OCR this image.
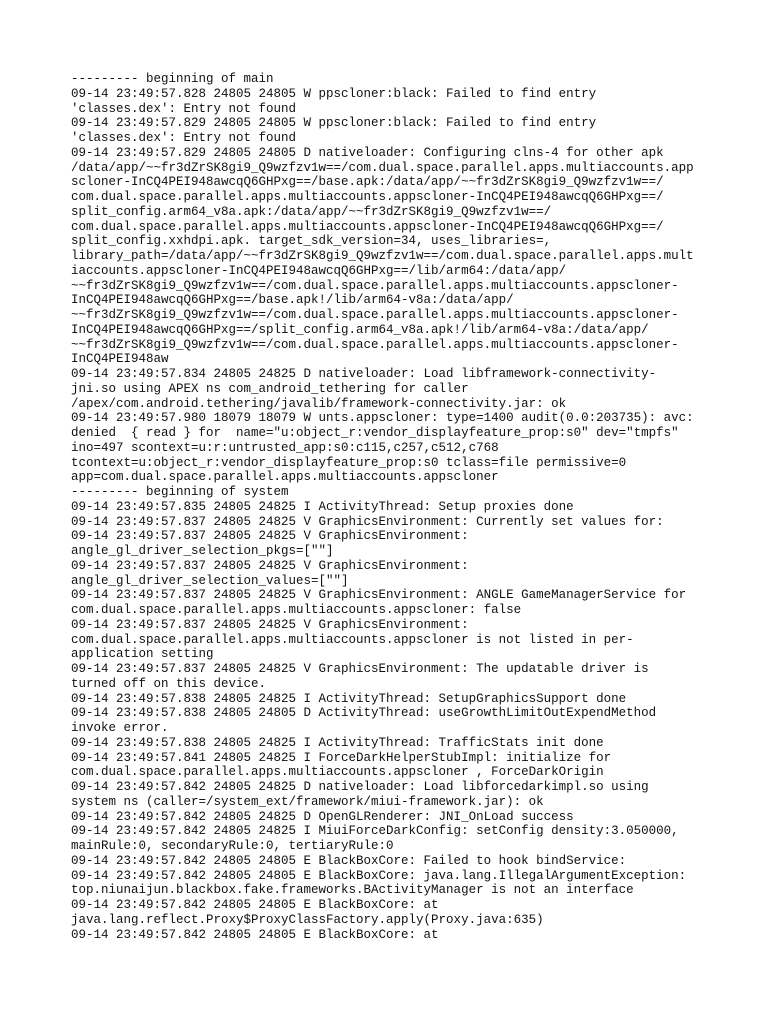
--------- beginning of main
09-14 23:49:57.828 24805 24805 W ppscloner:black: Failed to find entry
'classes.dex': Entry not found
09-14 23:49:57.829 24805 24805 W ppscloner:black: Failed to find entry
'classes.dex': Entry not found
09-14 23:49:57.829 24805 24805 D nativeloader: Configuring clns-4 for other apk
/data/app/~~fr3dZrSK8gi9_Q9wzfzv1w==/com.dual.space.parallel.apps.multiaccounts.app
scloner-InCQ4PEI948awcqQ6GHPxg==/base.apk:/data/app/~~fr3dZrSK8gi9_Q9wzfzv1w==/
com.dual.space.parallel.apps.multiaccounts.appscloner-InCQ4PEI948awcqQ6GHPxg==/
split_config.arm64_v8a.apk:/data/app/~~fr3dZrSK8gi9_Q9wzfzv1w==/
com.dual.space.parallel.apps.multiaccounts.appscloner-InCQ4PEI948awcqQ6GHPxg==/
split_config.xxhdpi.apk. target_sdk_version=34, uses_libraries=,
library_path=/data/app/~~fr3dZrSK8gi9_Q9wzfzv1w==/com.dual.space.parallel.apps.mult
iaccounts.appscloner-InCQ4PEI948awcqQ6GHPxg==/lib/arm64:/data/app/
~~fr3dZrSK8gi9_Q9wzfzv1w==/com.dual.space.parallel.apps.multiaccounts.appscloner-
InCQ4PEI948awcqQ6GHPxg==/base.apk!/lib/arm64-v8a:/data/app/
~~fr3dZrSK8gi9_Q9wzfzv1w==/com.dual.space.parallel.apps.multiaccounts.appscloner-
InCQ4PEI948awcqQ6GHPxg==/split_config.arm64_v8a.apk!/lib/arm64-v8a:/data/app/
~~fr3dZrSK8gi9_Q9wzfzv1w==/com.dual.space.parallel.apps.multiaccounts.appscloner-
InCQ4PEI948aw
09-14 23:49:57.834 24805 24825 D nativeloader: Load libframework-connectivity-
jni.so using APEX ns com_android_tethering for caller
/apex/com.android.tethering/javalib/framework-connectivity.jar: ok
09-14 23:49:57.980 18079 18079 W unts.appscloner: type=1400 audit(0.0:203735): avc:
denied  { read } for  name="u:object_r:vendor_displayfeature_prop:s0" dev="tmpfs"
ino=497 scontext=u:r:untrusted_app:s0:c115,c257,c512,c768
tcontext=u:object_r:vendor_displayfeature_prop:s0 tclass=file permissive=0
app=com.dual.space.parallel.apps.multiaccounts.appscloner
--------- beginning of system
09-14 23:49:57.835 24805 24825 I ActivityThread: Setup proxies done
09-14 23:49:57.837 24805 24825 V GraphicsEnvironment: Currently set values for:
09-14 23:49:57.837 24805 24825 V GraphicsEnvironment:
angle_gl_driver_selection_pkgs=[""]
09-14 23:49:57.837 24805 24825 V GraphicsEnvironment:
angle_gl_driver_selection_values=[""]
09-14 23:49:57.837 24805 24825 V GraphicsEnvironment: ANGLE GameManagerService for
com.dual.space.parallel.apps.multiaccounts.appscloner: false
09-14 23:49:57.837 24805 24825 V GraphicsEnvironment:
com.dual.space.parallel.apps.multiaccounts.appscloner is not listed in per-
application setting
09-14 23:49:57.837 24805 24825 V GraphicsEnvironment: The updatable driver is
turned off on this device.
09-14 23:49:57.838 24805 24825 I ActivityThread: SetupGraphicsSupport done
09-14 23:49:57.838 24805 24805 D ActivityThread: useGrowthLimitOutExpendMethod
invoke error.
09-14 23:49:57.838 24805 24825 I ActivityThread: TrafficStats init done
09-14 23:49:57.841 24805 24825 I ForceDarkHelperStubImpl: initialize for
com.dual.space.parallel.apps.multiaccounts.appscloner , ForceDarkOrigin
09-14 23:49:57.842 24805 24825 D nativeloader: Load libforcedarkimpl.so using
system ns (caller=/system_ext/framework/miui-framework.jar): ok
09-14 23:49:57.842 24805 24825 D OpenGLRenderer: JNI_OnLoad success
09-14 23:49:57.842 24805 24825 I MiuiForceDarkConfig: setConfig density:3.050000,
mainRule:0, secondaryRule:0, tertiaryRule:0
09-14 23:49:57.842 24805 24805 E BlackBoxCore: Failed to hook bindService:
09-14 23:49:57.842 24805 24805 E BlackBoxCore: java.lang.IllegalArgumentException:
top.niunaijun.blackbox.fake.frameworks.BActivityManager is not an interface
09-14 23:49:57.842 24805 24805 E BlackBoxCore: at
java.lang.reflect.Proxy$ProxyClassFactory.apply(Proxy.java:635)
09-14 23:49:57.842 24805 24805 E BlackBoxCore: at
